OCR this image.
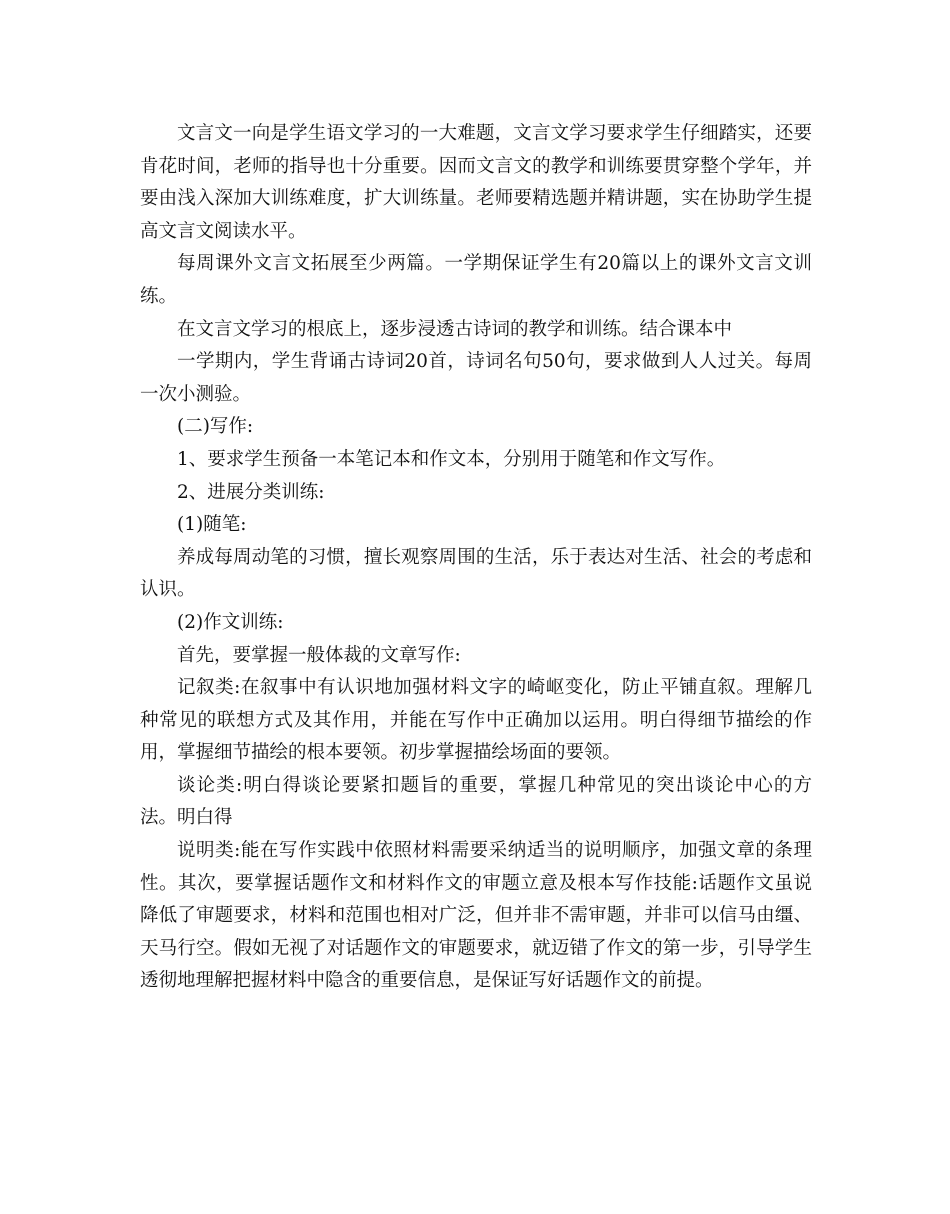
文言文一向是学生语文学习的一大难题，文言文学习要求学生仔细踏实，还要肯花时间，老师的指导也十分重要。因而文言文的教学和训练要贯穿整个学年，并要由浅入深加大训练难度，扩大训练量。老师要精选题并精讲题，实在协助学生提高文言文阅读水平。

每周课外文言文拓展至少两篇。一学期保证学生有20篇以上的课外文言文训练。

在文言文学习的根底上，逐步浸透古诗词的教学和训练。结合课本中

一学期内，学生背诵古诗词20首，诗词名句50句，要求做到人人过关。每周一次小测验。

(二)写作:

1、要求学生预备一本笔记本和作文本，分别用于随笔和作文写作。

2、进展分类训练:

(1)随笔:

养成每周动笔的习惯，擅长观察周围的生活，乐于表达对生活、社会的考虑和认识。

(2)作文训练:

首先，要掌握一般体裁的文章写作:

记叙类:在叙事中有认识地加强材料文字的崎岖变化，防止平铺直叙。理解几种常见的联想方式及其作用，并能在写作中正确加以运用。明白得细节描绘的作用，掌握细节描绘的根本要领。初步掌握描绘场面的要领。

谈论类:明白得谈论要紧扣题旨的重要，掌握几种常见的突出谈论中心的方法。明白得

说明类:能在写作实践中依照材料需要采纳适当的说明顺序，加强文章的条理性。其次，要掌握话题作文和材料作文的审题立意及根本写作技能:话题作文虽说降低了审题要求，材料和范围也相对广泛，但并非不需审题，并非可以信马由缰、天马行空。假如无视了对话题作文的审题要求，就迈错了作文的第一步，引导学生透彻地理解把握材料中隐含的重要信息，是保证写好话题作文的前提。
